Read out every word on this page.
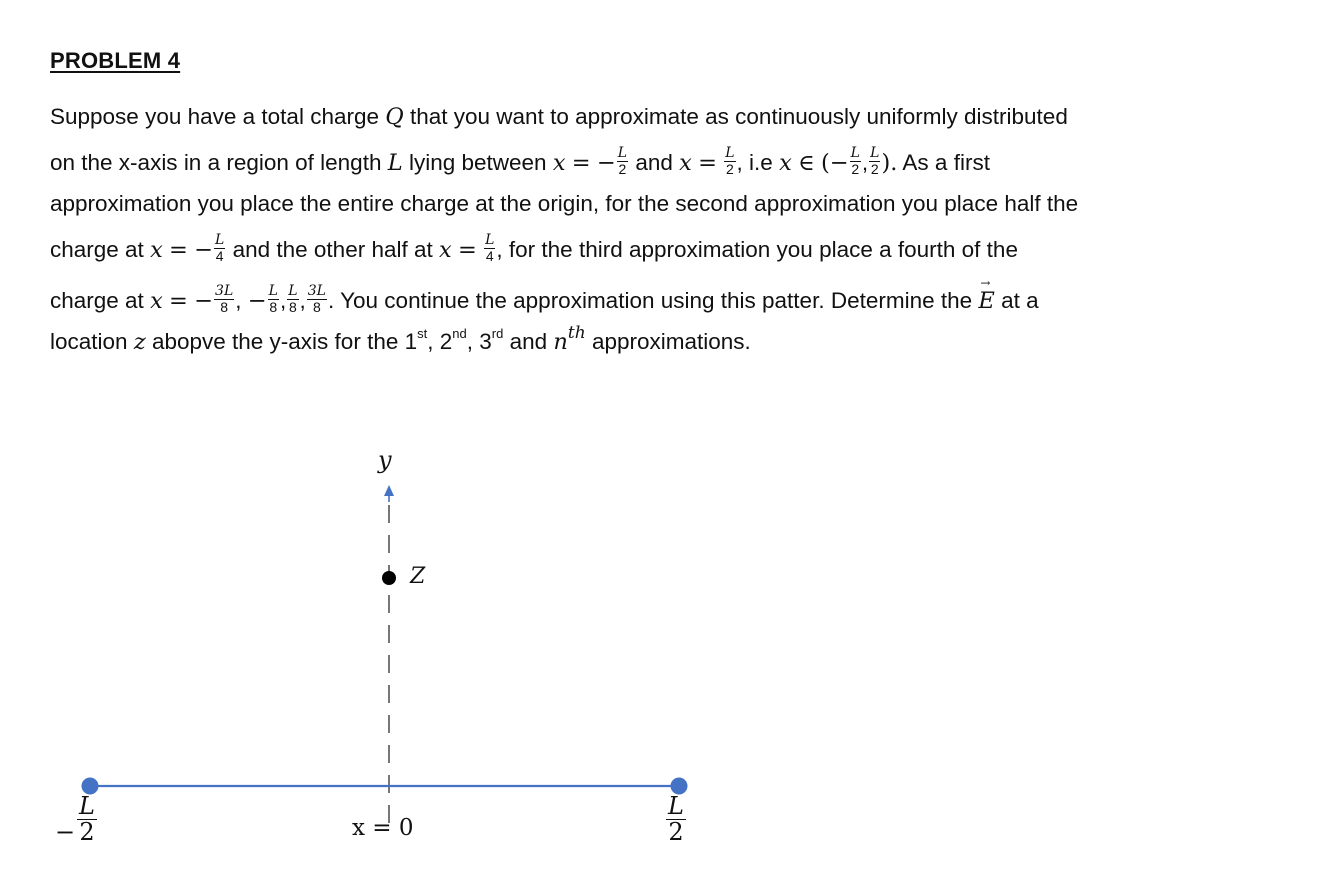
PROBLEM 4
Suppose you have a total charge Q that you want to approximate as continuously uniformly distributed
on the x-axis in a region of length L lying between x = − $\frac{L}{2}$ and $x = \frac{L}{2}$ , i.e x ∈ (− $\frac{L}{2}$ , $\frac{L}{2}$ ). As a first
approximation you place the entire charge at the origin, for the second approximation you place half the
charge at x = − $\frac{L}{4}$ and the other half at $x = \frac{L}{4}$ , for the third approximation you place a fourth of the
charge at x = − $\frac{3L}{8}$ , − $\frac{L}{8}$ , $\frac{L}{8}$ , $\frac{3L}{8}$ . You continue the approximation using this patter. Determine the → E at a
location z abopve the y-axis for the 1st, 2nd, 3rd and $n^{th}$ approximations.
y
Z
x = 0
− $\frac{L}{2}$	$\frac{L}{2}$
